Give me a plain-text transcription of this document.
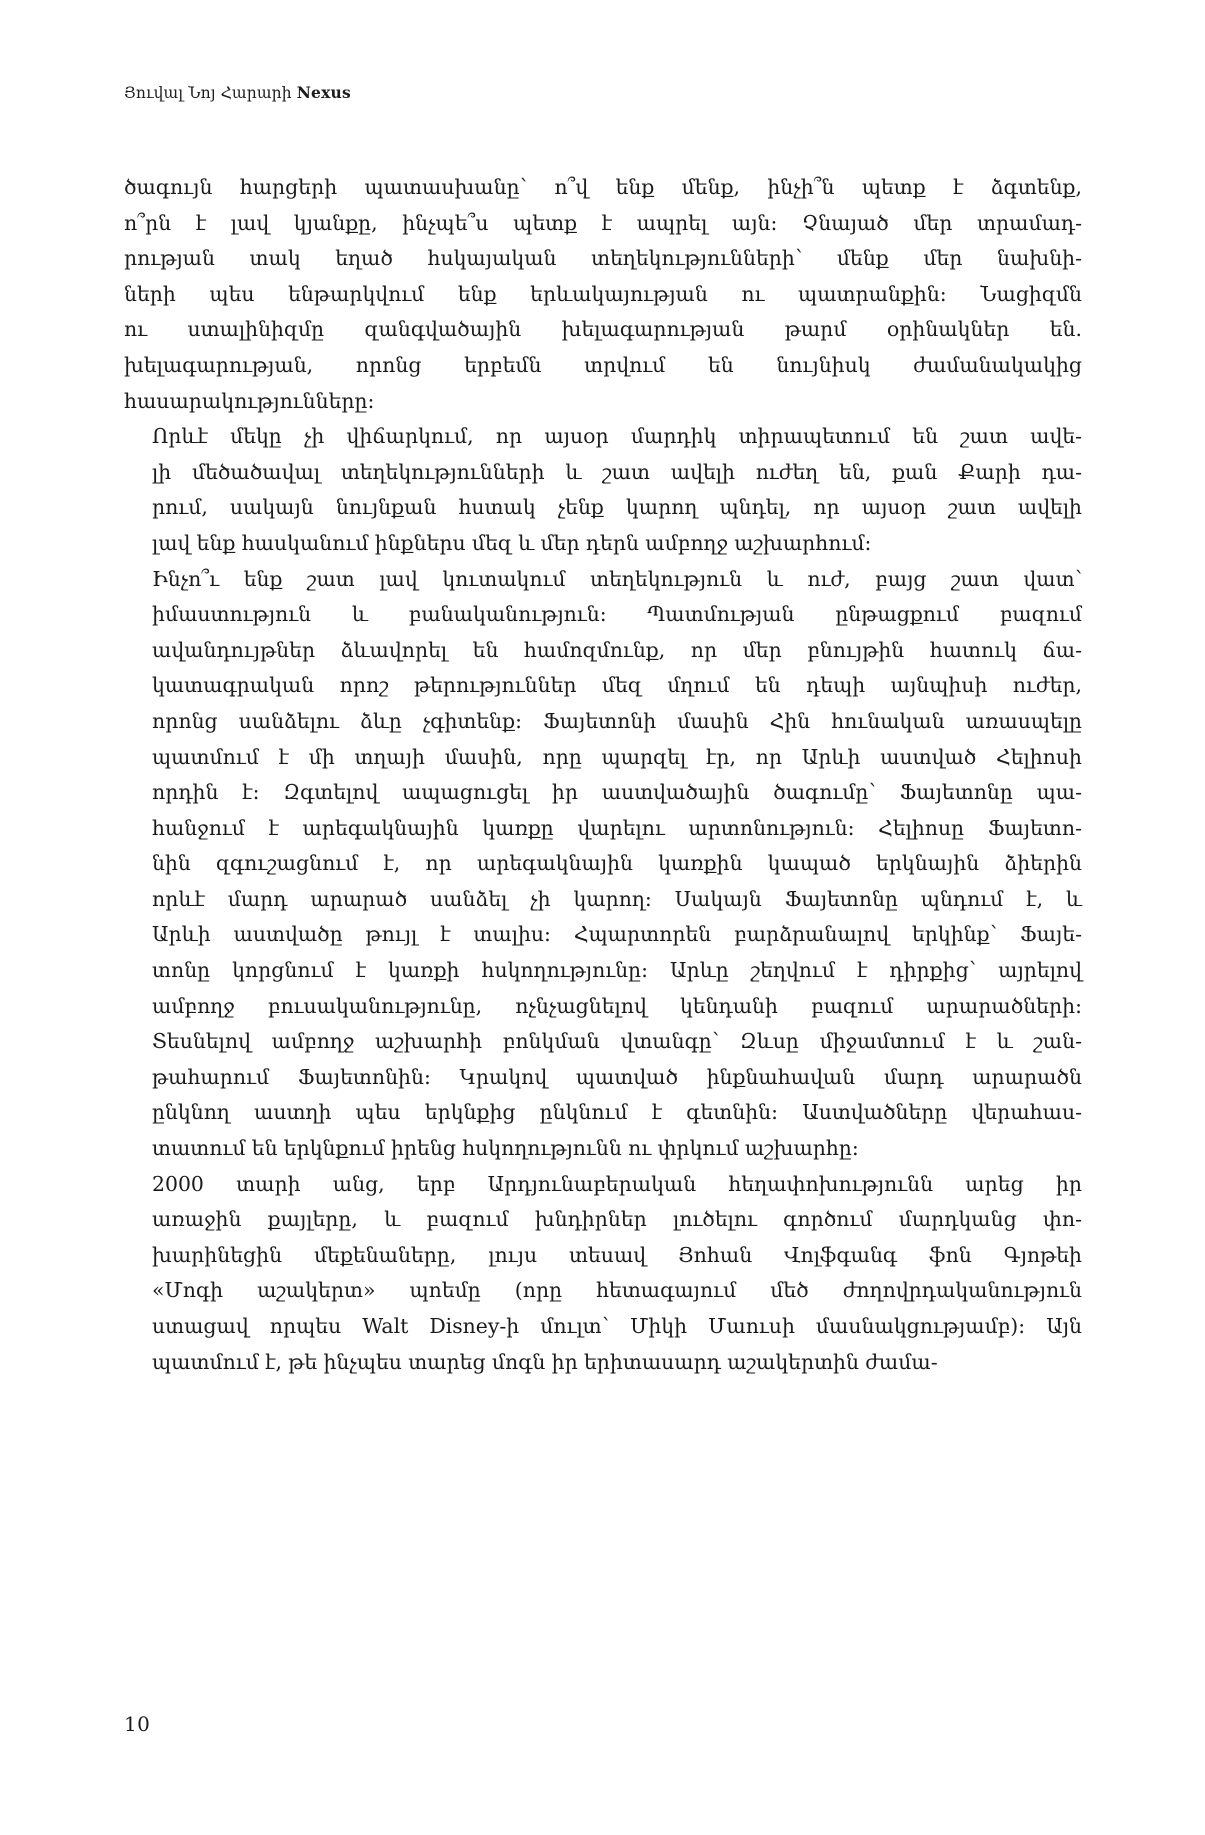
Յուվալ Նոյ Հարարի Nexus

ծագույն հարցերի պատասխանը՝ ո՞վ ենք մենք, ինչի՞ն պետք է ձգտենք,
ո՞րն է լավ կյանքը, ինչպե՞ս պետք է ապրել այն։ Չնայած մեր տրամադ-
րության տակ եղած հսկայական տեղեկությունների՝ մենք մեր նախնի-
ների պես ենթարկվում ենք երևակայության ու պատրանքին։ Նացիզմն
ու ստալինիզմը զանգվածային խելագարության թարմ օրինակներ են.
խելագարության, որոնց երբեմն տրվում են նույնիսկ ժամանակակից
հասարակությունները։

Որևէ մեկը չի վիճարկում, որ այսօր մարդիկ տիրապետում են շատ ավե-
լի մեծածավալ տեղեկությունների և շատ ավելի ուժեղ են, քան Քարի դա-
րում, սակայն նույնքան հստակ չենք կարող պնդել, որ այսօր շատ ավելի
լավ ենք հասկանում ինքներս մեզ և մեր դերն ամբողջ աշխարհում։

Ինչո՞ւ ենք շատ լավ կուտակում տեղեկություն և ուժ, բայց շատ վատ՝
իմաստություն և բանականություն։ Պատմության ընթացքում բազում
ավանդույթներ ձևավորել են համոզմունք, որ մեր բնույթին հատուկ ճա-
կատագրական որոշ թերություններ մեզ մղում են դեպի այնպիսի ուժեր,
որոնց սանձելու ձևը չգիտենք։ Ֆայետոնի մասին Հին հունական առասպելը
պատմում է մի տղայի մասին, որը պարզել էր, որ Արևի աստված Հելիոսի
որդին է։ Զգտելով ապացուցել իր աստվածային ծագումը՝ Ֆայետոնը պա-
հանջում է արեգակնային կառքը վարելու արտոնություն։ Հելիոսը Ֆայետո-
նին զգուշացնում է, որ արեգակնային կառքին կապած երկնային ձիերին
որևէ մարդ արարած սանձել չի կարող։ Սակայն Ֆայետոնը պնդում է, և
Արևի աստվածը թույլ է տալիս։ Հպարտորեն բարձրանալով երկինք՝ Ֆայե-
տոնը կորցնում է կառքի հսկողությունը։ Արևը շեղվում է դիրքից՝ այրելով
ամբողջ բուսականությունը, ոչնչացնելով կենդանի բազում արարածների։
Տեսնելով ամբողջ աշխարհի բոնկման վտանգը՝ Զևսը միջամտում է և շան-
թահարում Ֆայետոնին։ Կրակով պատված ինքնահավան մարդ արարածն
ընկնող աստղի պես երկնքից ընկնում է գետնին։ Աստվածները վերահաս-
տատում են երկնքում իրենց հսկողությունն ու փրկում աշխարհը։

2000 տարի անց, երբ Արդյունաբերական հեղափոխությունն արեց իր
առաջին քայլերը, և բազում խնդիրներ լուծելու գործում մարդկանց փո-
խարինեցին մեքենաները, լույս տեսավ Յոհան Վոլֆգանգ ֆոն Գյոթեի
«Մոգի աշակերտ» պոեմը (որը հետագայում մեծ ժողովրդականություն
ստացավ որպես Walt Disney-ի մուլտ՝ Միկի Մաուսի մասնակցությամբ)։ Այն
պատմում է, թե ինչպես տարեց մոգն իր երիտասարդ աշակերտին ժամա-

10
